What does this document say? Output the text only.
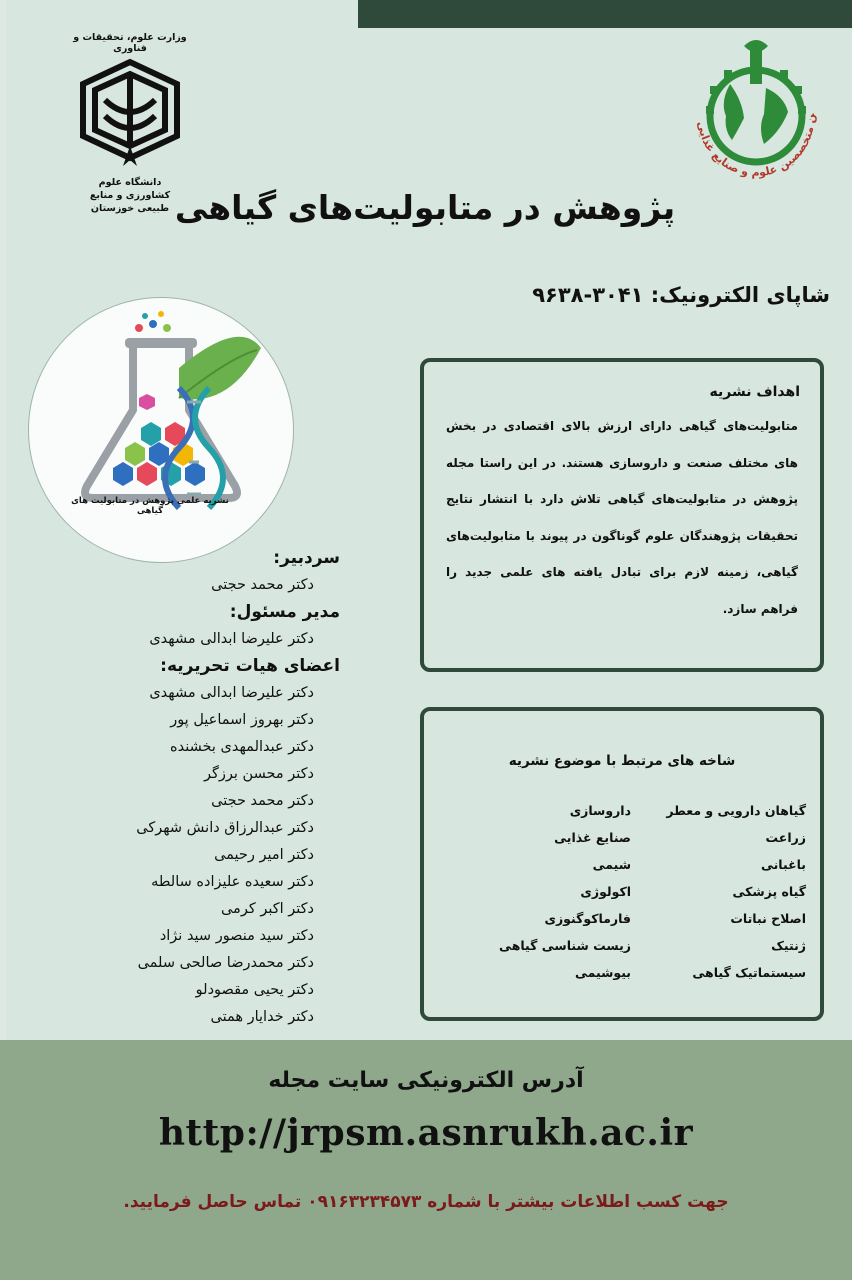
وزارت علوم، تحقیقات و فناوری
دانشگاه علوم کشاورزی و منابع طبیعی خوزستان
ن متخصصین علوم و صنایع غذایی
پژوهش در متابولیت‌های گیاهی
شاپای الکترونیک: ۳۰۴۱-۹۶۳۸
نشریه علمی پژوهش در متابولیت های گیاهی
اهداف نشریه

متابولیت‌های گیاهی دارای ارزش بالای اقتصادی در بخش های مختلف صنعت و داروسازی هستند. در این راستا مجله پژوهش در متابولیت‌های گیاهی تلاش دارد با انتشار نتایج تحقیقات پژوهندگان علوم گوناگون در پیوند با متابولیت‌های گیاهی، زمینه لازم برای تبادل یافته های علمی جدید را فراهم سازد.

شاخه های مرتبط با موضوع نشریه
گیاهان دارویی و معطر
داروسازی
زراعت
صنایع غذایی
باغبانی
شیمی
گیاه پزشکی
اکولوژی
اصلاح نباتات
فارماکوگنوزی
ژنتیک
زیست شناسی گیاهی
سیستماتیک گیاهی
بیوشیمی
سردبیر:
دکتر محمد حجتی
مدیر مسئول:
دکتر علیرضا ابدالی مشهدی
اعضای هیات تحریریه:
دکتر علیرضا ابدالی مشهدی
دکتر بهروز اسماعیل پور
دکتر عبدالمهدی بخشنده
دکتر محسن برزگر
دکتر محمد حجتی
دکتر عبدالرزاق دانش شهرکی
دکتر امیر رحیمی
دکتر سعیده علیزاده سالطه
دکتر اکبر کرمی
دکتر سید منصور سید نژاد
دکتر محمدرضا صالحی سلمی
دکتر یحیی مقصودلو
دکتر خدایار همتی
آدرس الکترونیکی سایت مجله
http://jrpsm.asnrukh.ac.ir
جهت کسب اطلاعات بیشتر با شماره ۰۹۱۶۳۲۳۴۵۷۳ تماس حاصل فرمایید.
